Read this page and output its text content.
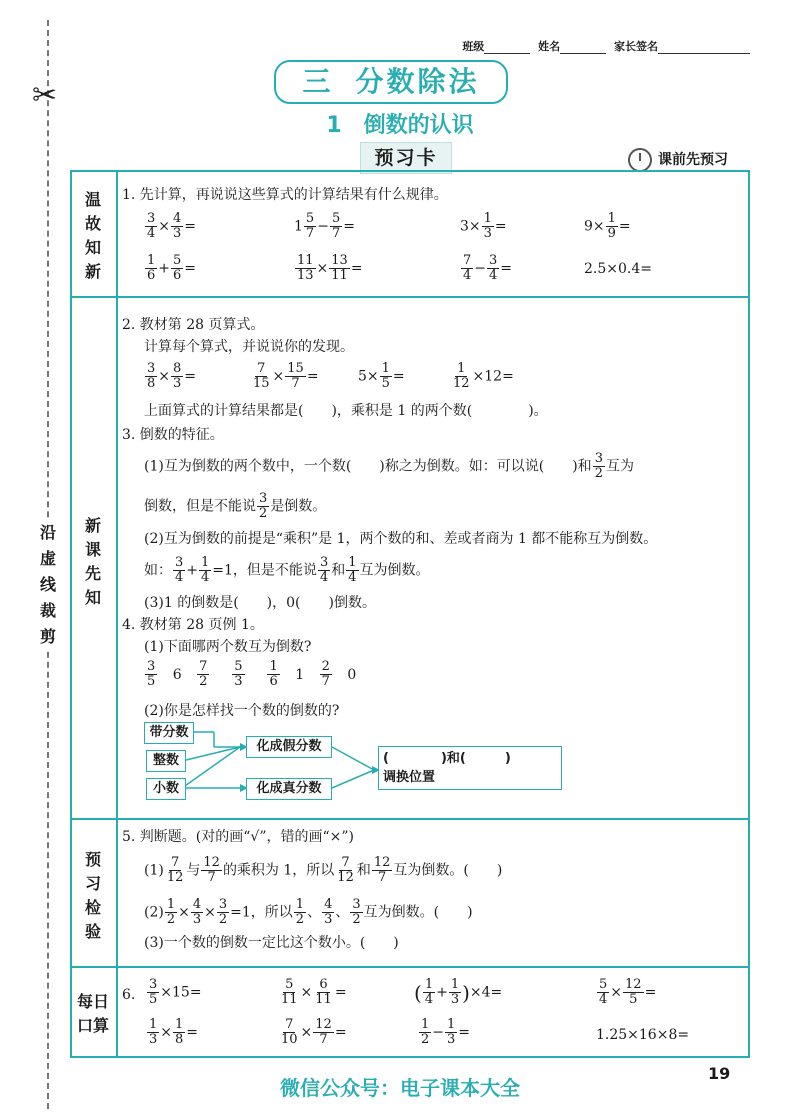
✂
沿
虚
线
裁
剪
班级	姓名	家长签名
三 分数除法
1 倒数的认识
预习卡	课前先预习
温
故
知
新
新
课
先
知
预
习
检
验
每日
口算
1. 先计算，再说说这些算式的计算结果有什么规律。
$\frac{3}{4} \times \frac{4}{3}$ =	$1 \frac{5}{7} - \frac{5}{7}$ =	$3\times \frac{1}{3}$ =	$9\times \frac{1}{9}$ =
$\frac{1}{6} + \frac{5}{6}$ =	$\frac{11}{13} \times \frac{13}{11}$ =	$\frac{7}{4} - \frac{3}{4}$ =	2.5×0.4=
2. 教材第 28 页算式。
计算每个算式，并说说你的发现。
$\frac{3}{8} \times \frac{8}{3}$ =	$\frac{7}{15} \times \frac{15}{7}$ =	$5\times \frac{1}{5}$ =	$\frac{1}{12} \times 12=$
上面算式的计算结果都是(　　)，乘积是 1 的两个数(　　　　)。
3. 倒数的特征。
(1)互为倒数的两个数中，一个数(　　)称之为倒数。如：可以说(　　)和 $\frac{3}{2}$ 互为
倒数，但是不能说 $\frac{3}{2}$ 是倒数。
(2)互为倒数的前提是“乘积”是 1，两个数的和、差或者商为 1 都不能称互为倒数。
如： $\frac{3}{4} + \frac{1}{4} =1$，但是不能说 $\frac{3}{4}$ 和 $\frac{1}{4}$ 互为倒数。
(3)1 的倒数是(　　)，0(　　)倒数。
4. 教材第 28 页例 1。
(1)下面哪两个数互为倒数?
$\frac{3}{5} 6 \frac{7}{2}$
$\frac{5}{3}$
$\frac{1}{6} 1 \frac{2}{7} 0$
(2)你是怎样找一个数的倒数的?
带分数
整数
小数
化成假分数
化成真分数
(　　　　)和(　　　)
调换位置
5. 判断题。(对的画“√”，错的画“×”)
$(1) \frac{7}{12}$ 与 $\frac{12}{7}$ 的乘积为 1，所以 $\frac{7}{12}$ 和 $\frac{12}{7}$ 互为倒数。(　　)
$(2) \frac{1}{2} \times \frac{4}{3} \times \frac{3}{2} =1$，所以 $\frac{1}{2}$ 、 $\frac{4}{3}$ 、 $\frac{3}{2}$ 互为倒数。(　　)
(3)一个数的倒数一定比这个数小。(　　)
6. $\frac{3}{5} \times 15=$	$\frac{5}{11} \times \frac{6}{11}$ =	( $\frac{1}{4} + \frac{1}{3} )\times 4=$	$\frac{5}{4} \times \frac{12}{5}$ =
$\frac{1}{3} \times \frac{1}{8}$ =	$\frac{7}{10} \times \frac{12}{7}$ =	$\frac{1}{2} - \frac{1}{3}$ =	1.25×16×8=
微信公众号：电子课本大全
19
